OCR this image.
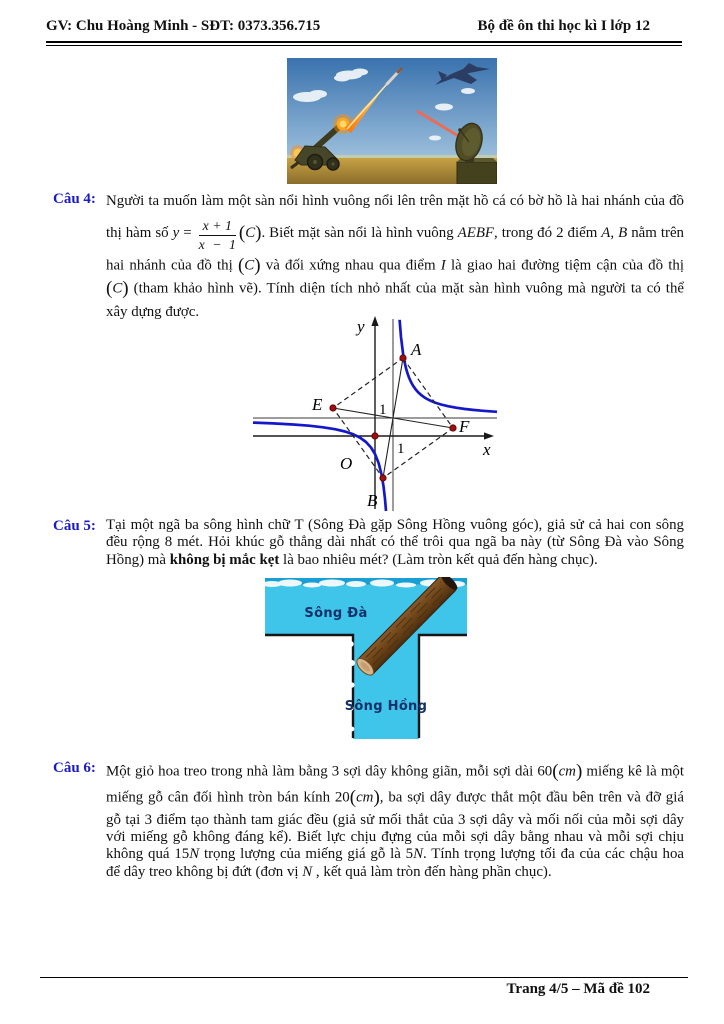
GV: Chu Hoàng Minh - SĐT: 0373.356.715	Bộ đề ôn thi học kì I lớp 12
Câu 4: Người ta muốn làm một sàn nổi hình vuông nổi lên trên mặt hồ cá có bờ hồ là hai nhánh của đồ
thị hàm số $y = \frac{x + 1}{x - 1} (C)$. Biết mặt sàn nổi là hình vuông AEBF, trong đó 2 điểm A, B nằm trên
hai nhánh của đồ thị (C) và đối xứng nhau qua điểm I là giao hai đường tiệm cận của đồ thị
(C) (tham khảo hình vẽ). Tính diện tích nhỏ nhất của mặt sàn hình vuông mà người ta có thể
xây dựng được.
y
x
A
B
E
F
O
1
1
Câu 5: Tại một ngã ba sông hình chữ T (Sông Đà gặp Sông Hồng vuông góc), giả sử cả hai con sông
đều rộng 8 mét. Hỏi khúc gỗ thẳng dài nhất có thể trôi qua ngã ba này (từ Sông Đà vào Sông
Hồng) mà không bị mắc kẹt là bao nhiêu mét? (Làm tròn kết quả đến hàng chục).
Sông Đà
Sông Hồng
Câu 6: Một giỏ hoa treo trong nhà làm bằng 3 sợi dây không giãn, mỗi sợi dài 60(cm) miếng kê là một
miếng gỗ cân đối hình tròn bán kính 20(cm), ba sợi dây được thắt một đầu bên trên và đỡ giá
gỗ tại 3 điểm tạo thành tam giác đều (giả sử mối thắt của 3 sợi dây và mối nối của mỗi sợi dây
với miếng gỗ không đáng kể). Biết lực chịu đựng của mỗi sợi dây bằng nhau và mỗi sợi chịu
không quá 15N trọng lượng của miếng giá gỗ là 5N. Tính trọng lượng tối đa của các chậu hoa
để dây treo không bị đứt (đơn vị N , kết quả làm tròn đến hàng phần chục).
Trang 4/5 – Mã đề 102
